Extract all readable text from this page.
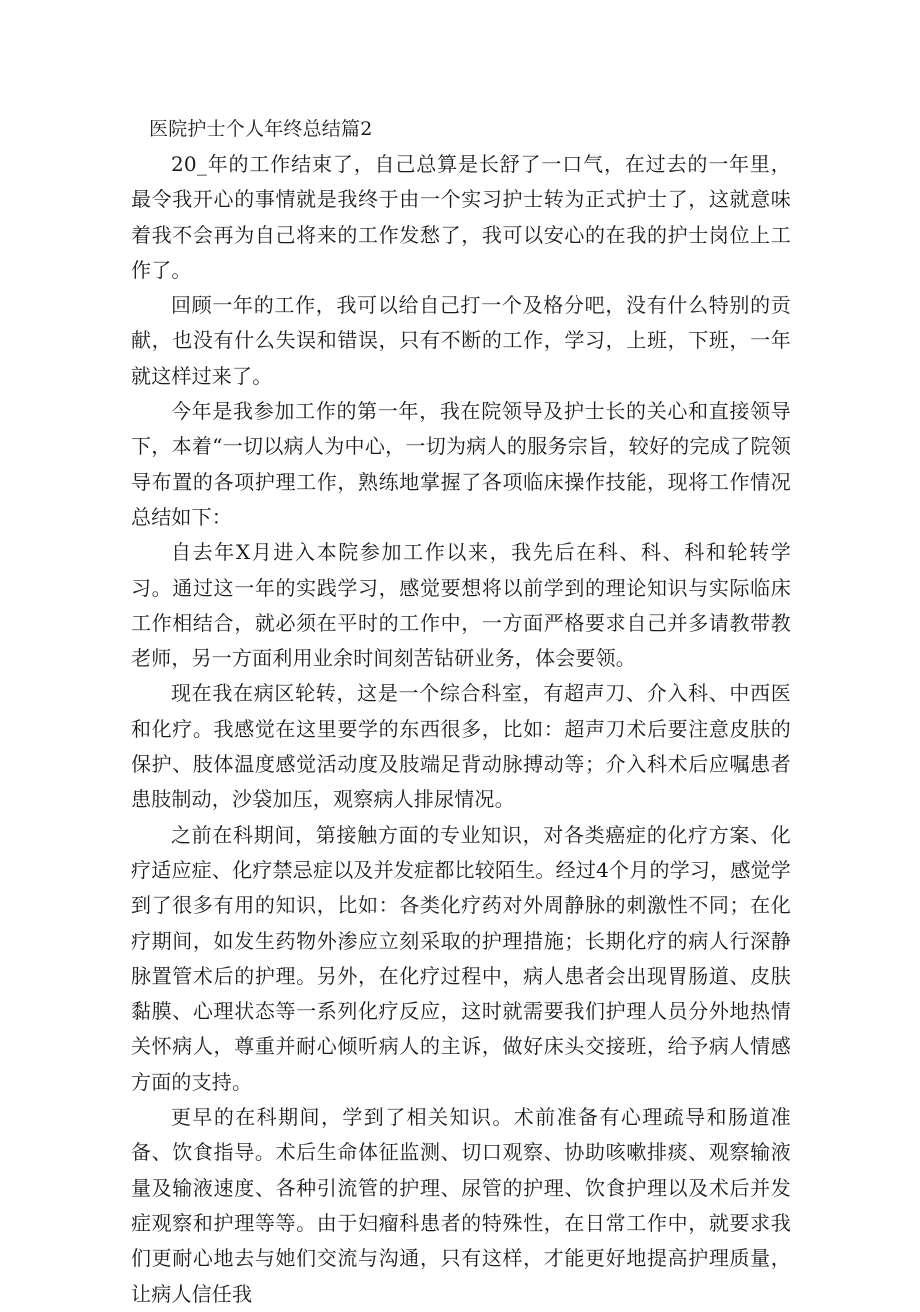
医院护士个人年终总结篇2

20_年的工作结束了，自己总算是长舒了一口气，在过去的一年里，最令我开心的事情就是我终于由一个实习护士转为正式护士了，这就意味着我不会再为自己将来的工作发愁了，我可以安心的在我的护士岗位上工作了。

回顾一年的工作，我可以给自己打一个及格分吧，没有什么特别的贡献，也没有什么失误和错误，只有不断的工作，学习，上班，下班，一年就这样过来了。

今年是我参加工作的第一年，我在院领导及护士长的关心和直接领导下，本着“一切以病人为中心，一切为病人的服务宗旨，较好的完成了院领导布置的各项护理工作，熟练地掌握了各项临床操作技能，现将工作情况总结如下：

自去年X月进入本院参加工作以来，我先后在科、科、科和轮转学习。通过这一年的实践学习，感觉要想将以前学到的理论知识与实际临床工作相结合，就必须在平时的工作中，一方面严格要求自己并多请教带教老师，另一方面利用业余时间刻苦钻研业务，体会要领。

现在我在病区轮转，这是一个综合科室，有超声刀、介入科、中西医和化疗。我感觉在这里要学的东西很多，比如：超声刀术后要注意皮肤的保护、肢体温度感觉活动度及肢端足背动脉搏动等；介入科术后应嘱患者患肢制动，沙袋加压，观察病人排尿情况。

之前在科期间，第接触方面的专业知识，对各类癌症的化疗方案、化疗适应症、化疗禁忌症以及并发症都比较陌生。经过4个月的学习，感觉学到了很多有用的知识，比如：各类化疗药对外周静脉的刺激性不同；在化疗期间，如发生药物外渗应立刻采取的护理措施；长期化疗的病人行深静脉置管术后的护理。另外，在化疗过程中，病人患者会出现胃肠道、皮肤黏膜、心理状态等一系列化疗反应，这时就需要我们护理人员分外地热情关怀病人，尊重并耐心倾听病人的主诉，做好床头交接班，给予病人情感方面的支持。

更早的在科期间，学到了相关知识。术前准备有心理疏导和肠道准备、饮食指导。术后生命体征监测、切口观察、协助咳嗽排痰、观察输液量及输液速度、各种引流管的护理、尿管的护理、饮食护理以及术后并发症观察和护理等等。由于妇瘤科患者的特殊性，在日常工作中，就要求我们更耐心地去与她们交流与沟通，只有这样，才能更好地提高护理质量，让病人信任我
